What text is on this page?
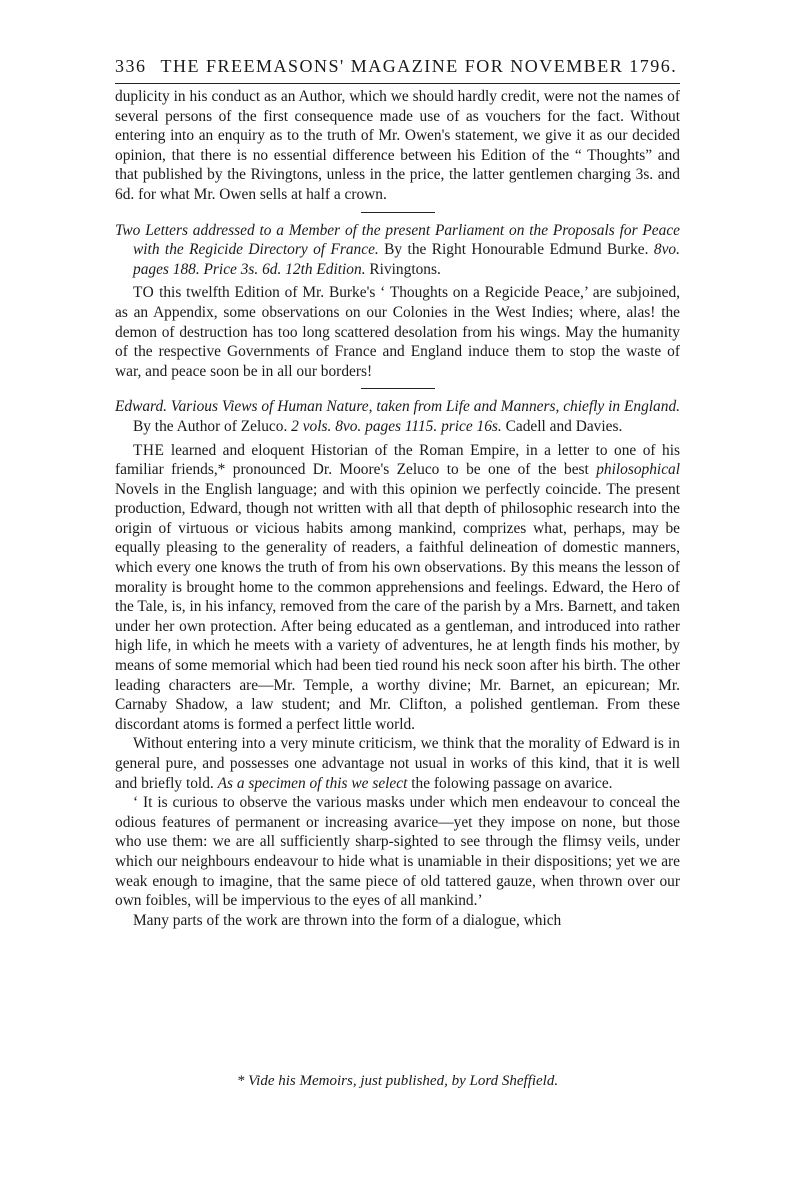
336 THE FREEMASONS' MAGAZINE FOR NOVEMBER 1796.

duplicity in his conduct as an Author, which we should hardly credit, were not the names of several persons of the first consequence made use of as vouchers for the fact. Without entering into an enquiry as to the truth of Mr. Owen's statement, we give it as our decided opinion, that there is no essential difference between his Edition of the “ Thoughts” and that published by the Rivingtons, unless in the price, the latter gentlemen charging 3s. and 6d. for what Mr. Owen sells at half a crown.

Two Letters addressed to a Member of the present Parliament on the Proposals for Peace with the Regicide Directory of France. By the Right Honourable Edmund Burke. 8vo. pages 188. Price 3s. 6d. 12th Edition. Rivingtons.

TO this twelfth Edition of Mr. Burke's ‘ Thoughts on a Regicide Peace,’ are subjoined, as an Appendix, some observations on our Colonies in the West Indies; where, alas! the demon of destruction has too long scattered desolation from his wings. May the humanity of the respective Governments of France and England induce them to stop the waste of war, and peace soon be in all our borders!

Edward. Various Views of Human Nature, taken from Life and Manners, chiefly in England. By the Author of Zeluco. 2 vols. 8vo. pages 1115. price 16s. Cadell and Davies.

THE learned and eloquent Historian of the Roman Empire, in a letter to one of his familiar friends,* pronounced Dr. Moore's Zeluco to be one of the best philosophical Novels in the English language; and with this opinion we perfectly coincide. The present production, Edward, though not written with all that depth of philosophic research into the origin of virtuous or vicious habits among mankind, comprizes what, perhaps, may be equally pleasing to the generality of readers, a faithful delineation of domestic manners, which every one knows the truth of from his own observations. By this means the lesson of morality is brought home to the common apprehensions and feelings. Edward, the Hero of the Tale, is, in his infancy, removed from the care of the parish by a Mrs. Barnett, and taken under her own protection. After being educated as a gentleman, and introduced into rather high life, in which he meets with a variety of adventures, he at length finds his mother, by means of some memorial which had been tied round his neck soon after his birth. The other leading characters are—Mr. Temple, a worthy divine; Mr. Barnet, an epicurean; Mr. Carnaby Shadow, a law student; and Mr. Clifton, a polished gentleman. From these discordant atoms is formed a perfect little world.

Without entering into a very minute criticism, we think that the morality of Edward is in general pure, and possesses one advantage not usual in works of this kind, that it is well and briefly told. As a specimen of this we select the folowing passage on avarice.

‘ It is curious to observe the various masks under which men endeavour to conceal the odious features of permanent or increasing avarice—yet they impose on none, but those who use them: we are all sufficiently sharp-sighted to see through the flimsy veils, under which our neighbours endeavour to hide what is unamiable in their dispositions; yet we are weak enough to imagine, that the same piece of old tattered gauze, when thrown over our own foibles, will be impervious to the eyes of all mankind.’

Many parts of the work are thrown into the form of a dialogue, which

* Vide his Memoirs, just published, by Lord Sheffield.
